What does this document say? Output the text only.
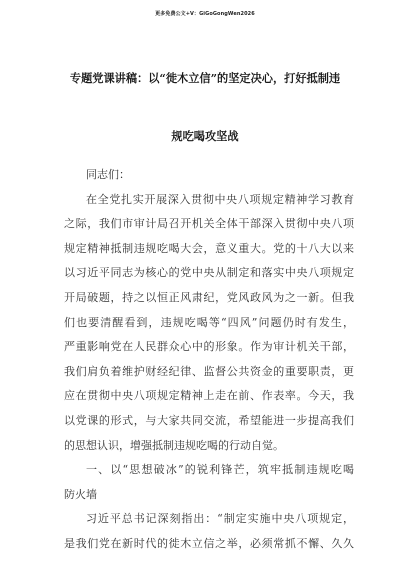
更多免费公文+V：GiGoGongWen2026
专题党课讲稿：以“徙木立信”的坚定决心，打好抵制违
规吃喝攻坚战
同志们：
在全党扎实开展深入贯彻中央八项规定精神学习教育
之际，我们市审计局召开机关全体干部深入贯彻中央八项
规定精神抵制违规吃喝大会，意义重大。党的十八大以来
以习近平同志为核心的党中央从制定和落实中央八项规定
开局破题，持之以恒正风肃纪，党风政风为之一新。但我
们也要清醒看到，违规吃喝等“四风”问题仍时有发生，
严重影响党在人民群众心中的形象。作为审计机关干部，
我们肩负着维护财经纪律、监督公共资金的重要职责，更
应在贯彻中央八项规定精神上走在前、作表率。今天，我
以党课的形式，与大家共同交流，希望能进一步提高我们
的思想认识，增强抵制违规吃喝的行动自觉。
一、以“思想破冰”的锐利锋芒，筑牢抵制违规吃喝
防火墙
习近平总书记深刻指出：“制定实施中央八项规定，
是我们党在新时代的徙木立信之举，必须常抓不懈、久久
